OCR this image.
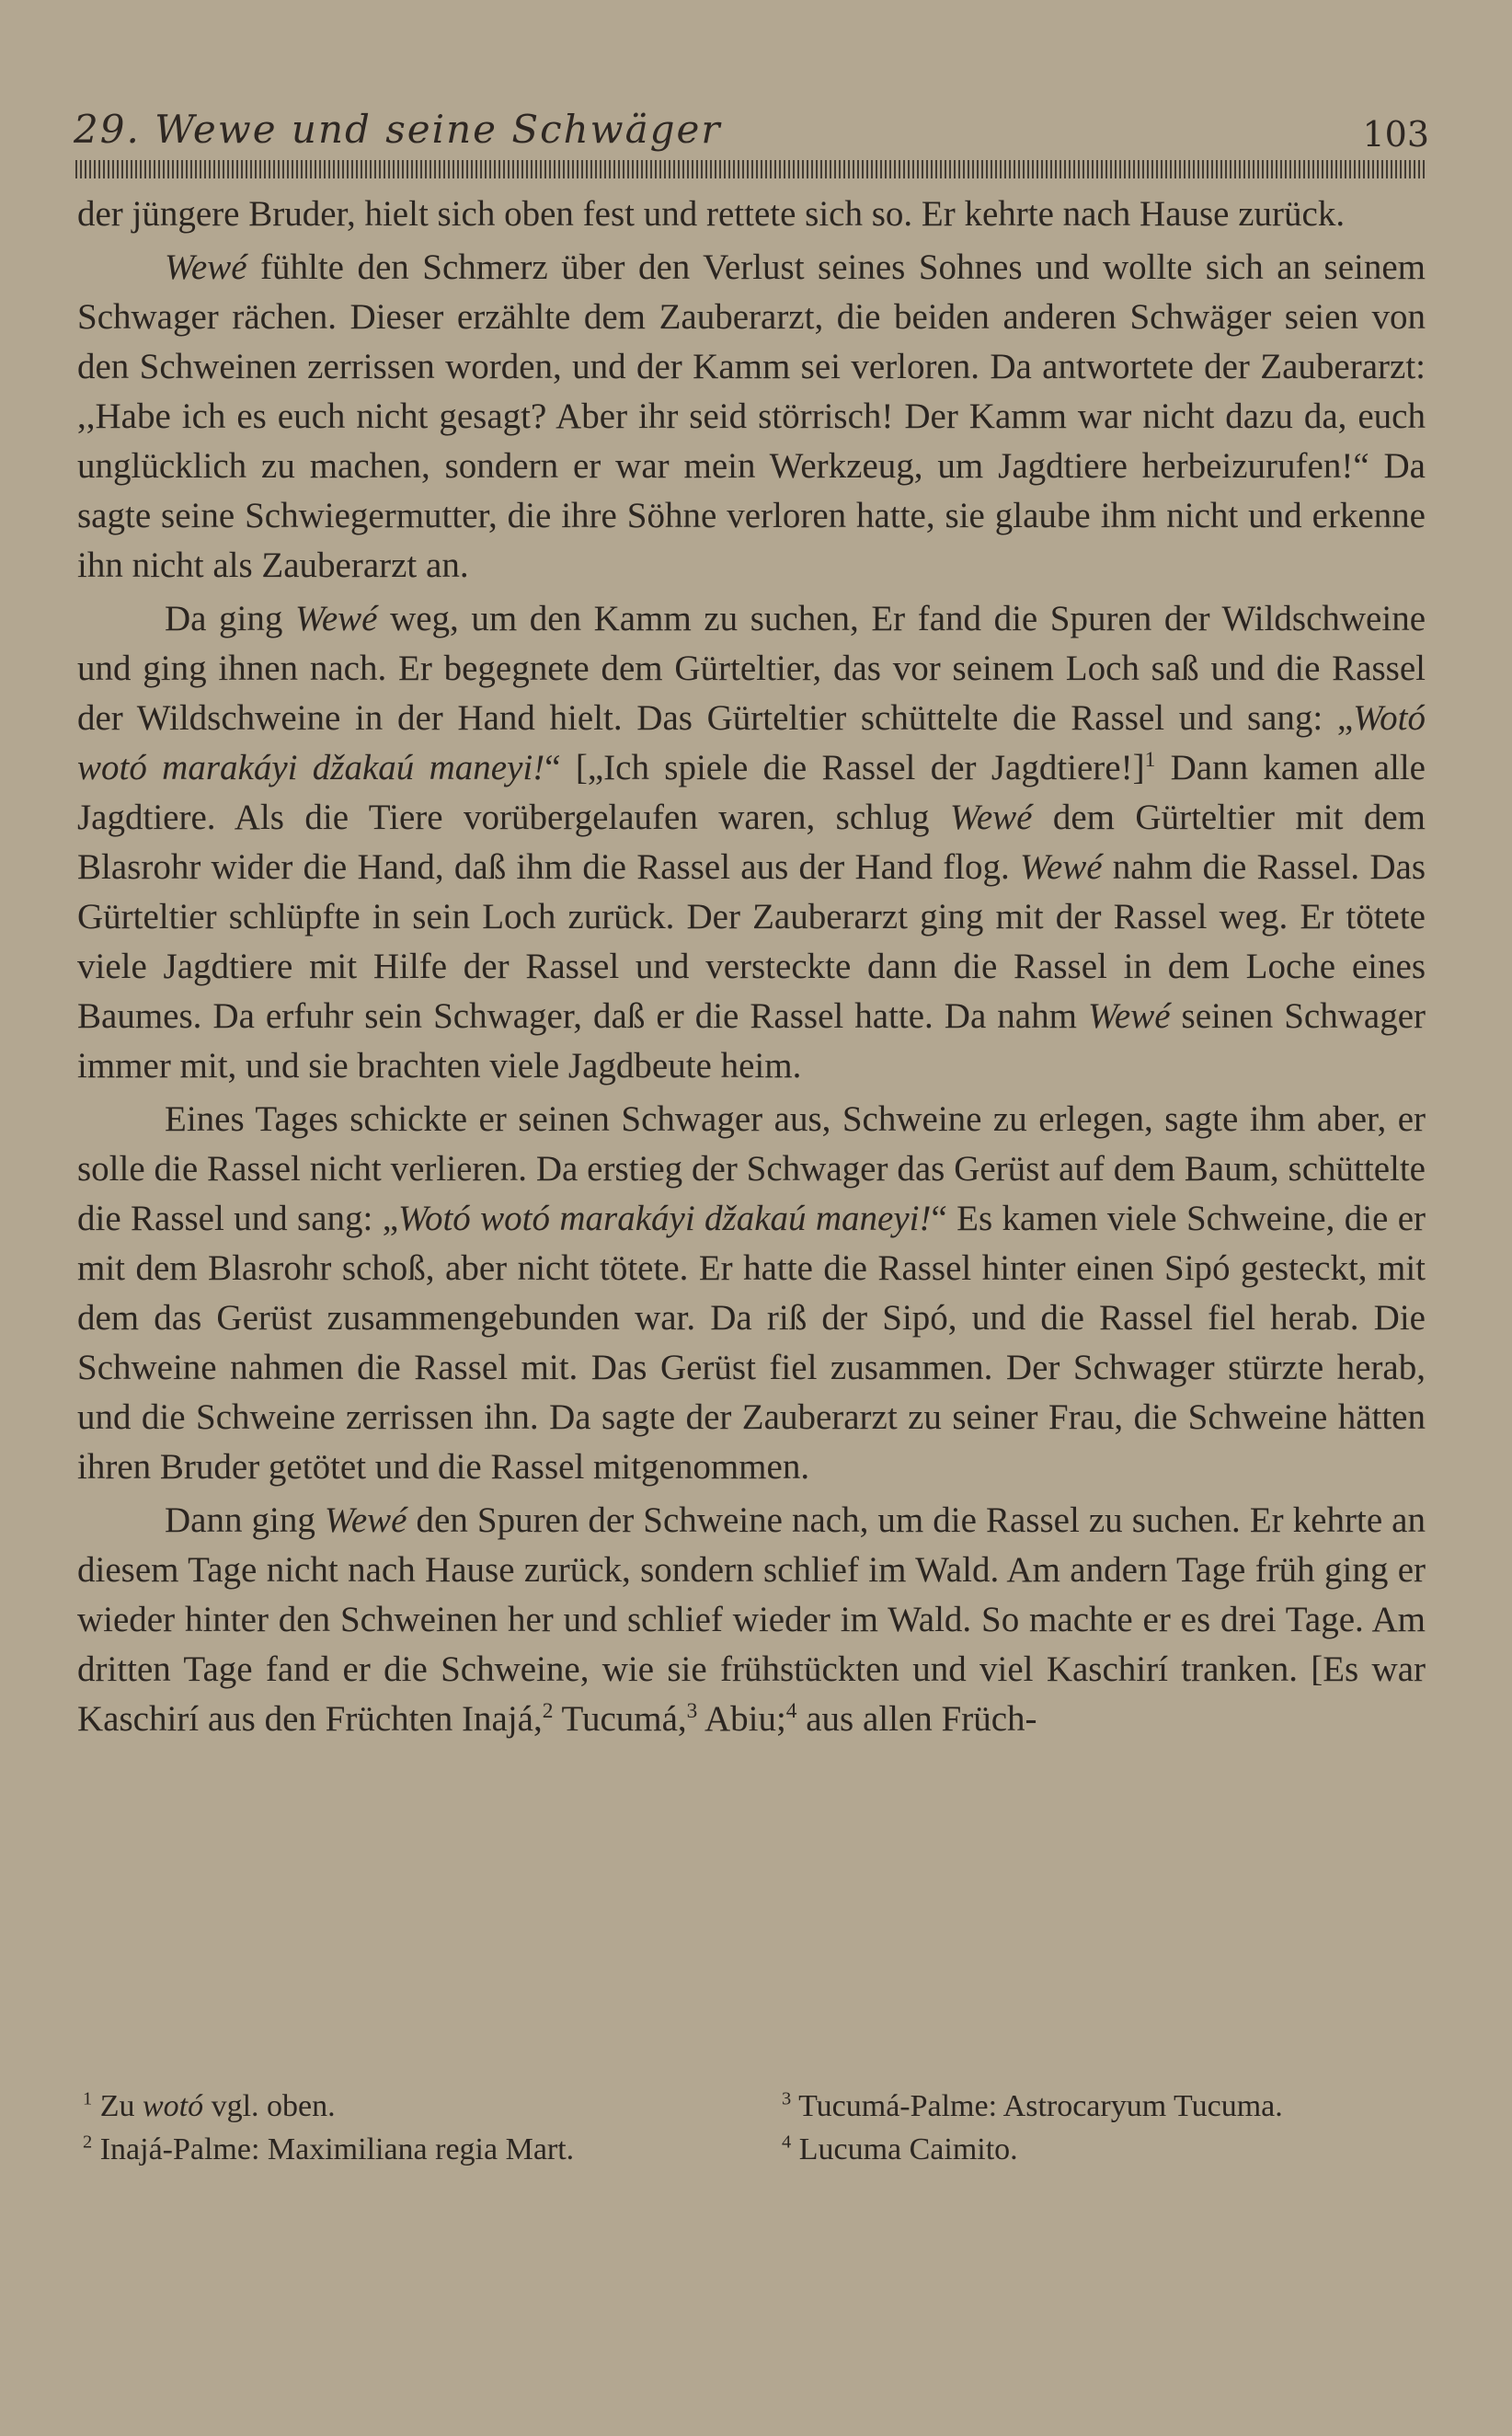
29. Wewe und seine Schwäger	103

der jüngere Bruder, hielt sich oben fest und rettete sich so. Er kehrte nach Hause zurück.

Wewé fühlte den Schmerz über den Verlust seines Sohnes und wollte sich an seinem Schwager rächen. Dieser erzählte dem Zauberarzt, die beiden anderen Schwäger seien von den Schweinen zerrissen worden, und der Kamm sei verloren. Da antwortete der Zauberarzt: ,,Habe ich es euch nicht gesagt? Aber ihr seid störrisch! Der Kamm war nicht dazu da, euch unglücklich zu machen, sondern er war mein Werkzeug, um Jagdtiere herbeizurufen!“ Da sagte seine Schwiegermutter, die ihre Söhne verloren hatte, sie glaube ihm nicht und erkenne ihn nicht als Zauberarzt an.

Da ging Wewé weg, um den Kamm zu suchen, Er fand die Spuren der Wildschweine und ging ihnen nach. Er begegnete dem Gürteltier, das vor seinem Loch saß und die Rassel der Wildschweine in der Hand hielt. Das Gürteltier schüttelte die Rassel und sang: „Wotó wotó marakáyi džakaú maneyi!“ [„Ich spiele die Rassel der Jagdtiere!]$^1$ Dann kamen alle Jagdtiere. Als die Tiere vorübergelaufen waren, schlug Wewé dem Gürteltier mit dem Blasrohr wider die Hand, daß ihm die Rassel aus der Hand flog. Wewé nahm die Rassel. Das Gürteltier schlüpfte in sein Loch zurück. Der Zauberarzt ging mit der Rassel weg. Er tötete viele Jagdtiere mit Hilfe der Rassel und versteckte dann die Rassel in dem Loche eines Baumes. Da erfuhr sein Schwager, daß er die Rassel hatte. Da nahm Wewé seinen Schwager immer mit, und sie brachten viele Jagdbeute heim.

Eines Tages schickte er seinen Schwager aus, Schweine zu erlegen, sagte ihm aber, er solle die Rassel nicht verlieren. Da erstieg der Schwager das Gerüst auf dem Baum, schüttelte die Rassel und sang: „Wotó wotó marakáyi džakaú maneyi!“ Es kamen viele Schweine, die er mit dem Blasrohr schoß, aber nicht tötete. Er hatte die Rassel hinter einen Sipó gesteckt, mit dem das Gerüst zusammengebunden war. Da riß der Sipó, und die Rassel fiel herab. Die Schweine nahmen die Rassel mit. Das Gerüst fiel zusammen. Der Schwager stürzte herab, und die Schweine zerrissen ihn. Da sagte der Zauberarzt zu seiner Frau, die Schweine hätten ihren Bruder getötet und die Rassel mitgenommen.

Dann ging Wewé den Spuren der Schweine nach, um die Rassel zu suchen. Er kehrte an diesem Tage nicht nach Hause zurück, sondern schlief im Wald. Am andern Tage früh ging er wieder hinter den Schweinen her und schlief wieder im Wald. So machte er es drei Tage. Am dritten Tage fand er die Schweine, wie sie frühstückten und viel Kaschirí tranken. [Es war Kaschirí aus den Früchten Inajá,$^2$ Tucumá,$^3$ Abiu;$^4$ aus allen Früch-

$^1$ Zu wotó vgl. oben.
$^2$ Inajá-Palme: Maximiliana regia Mart.
$^3$ Tucumá-Palme: Astrocaryum Tucuma.
$^4$ Lucuma Caimito.
